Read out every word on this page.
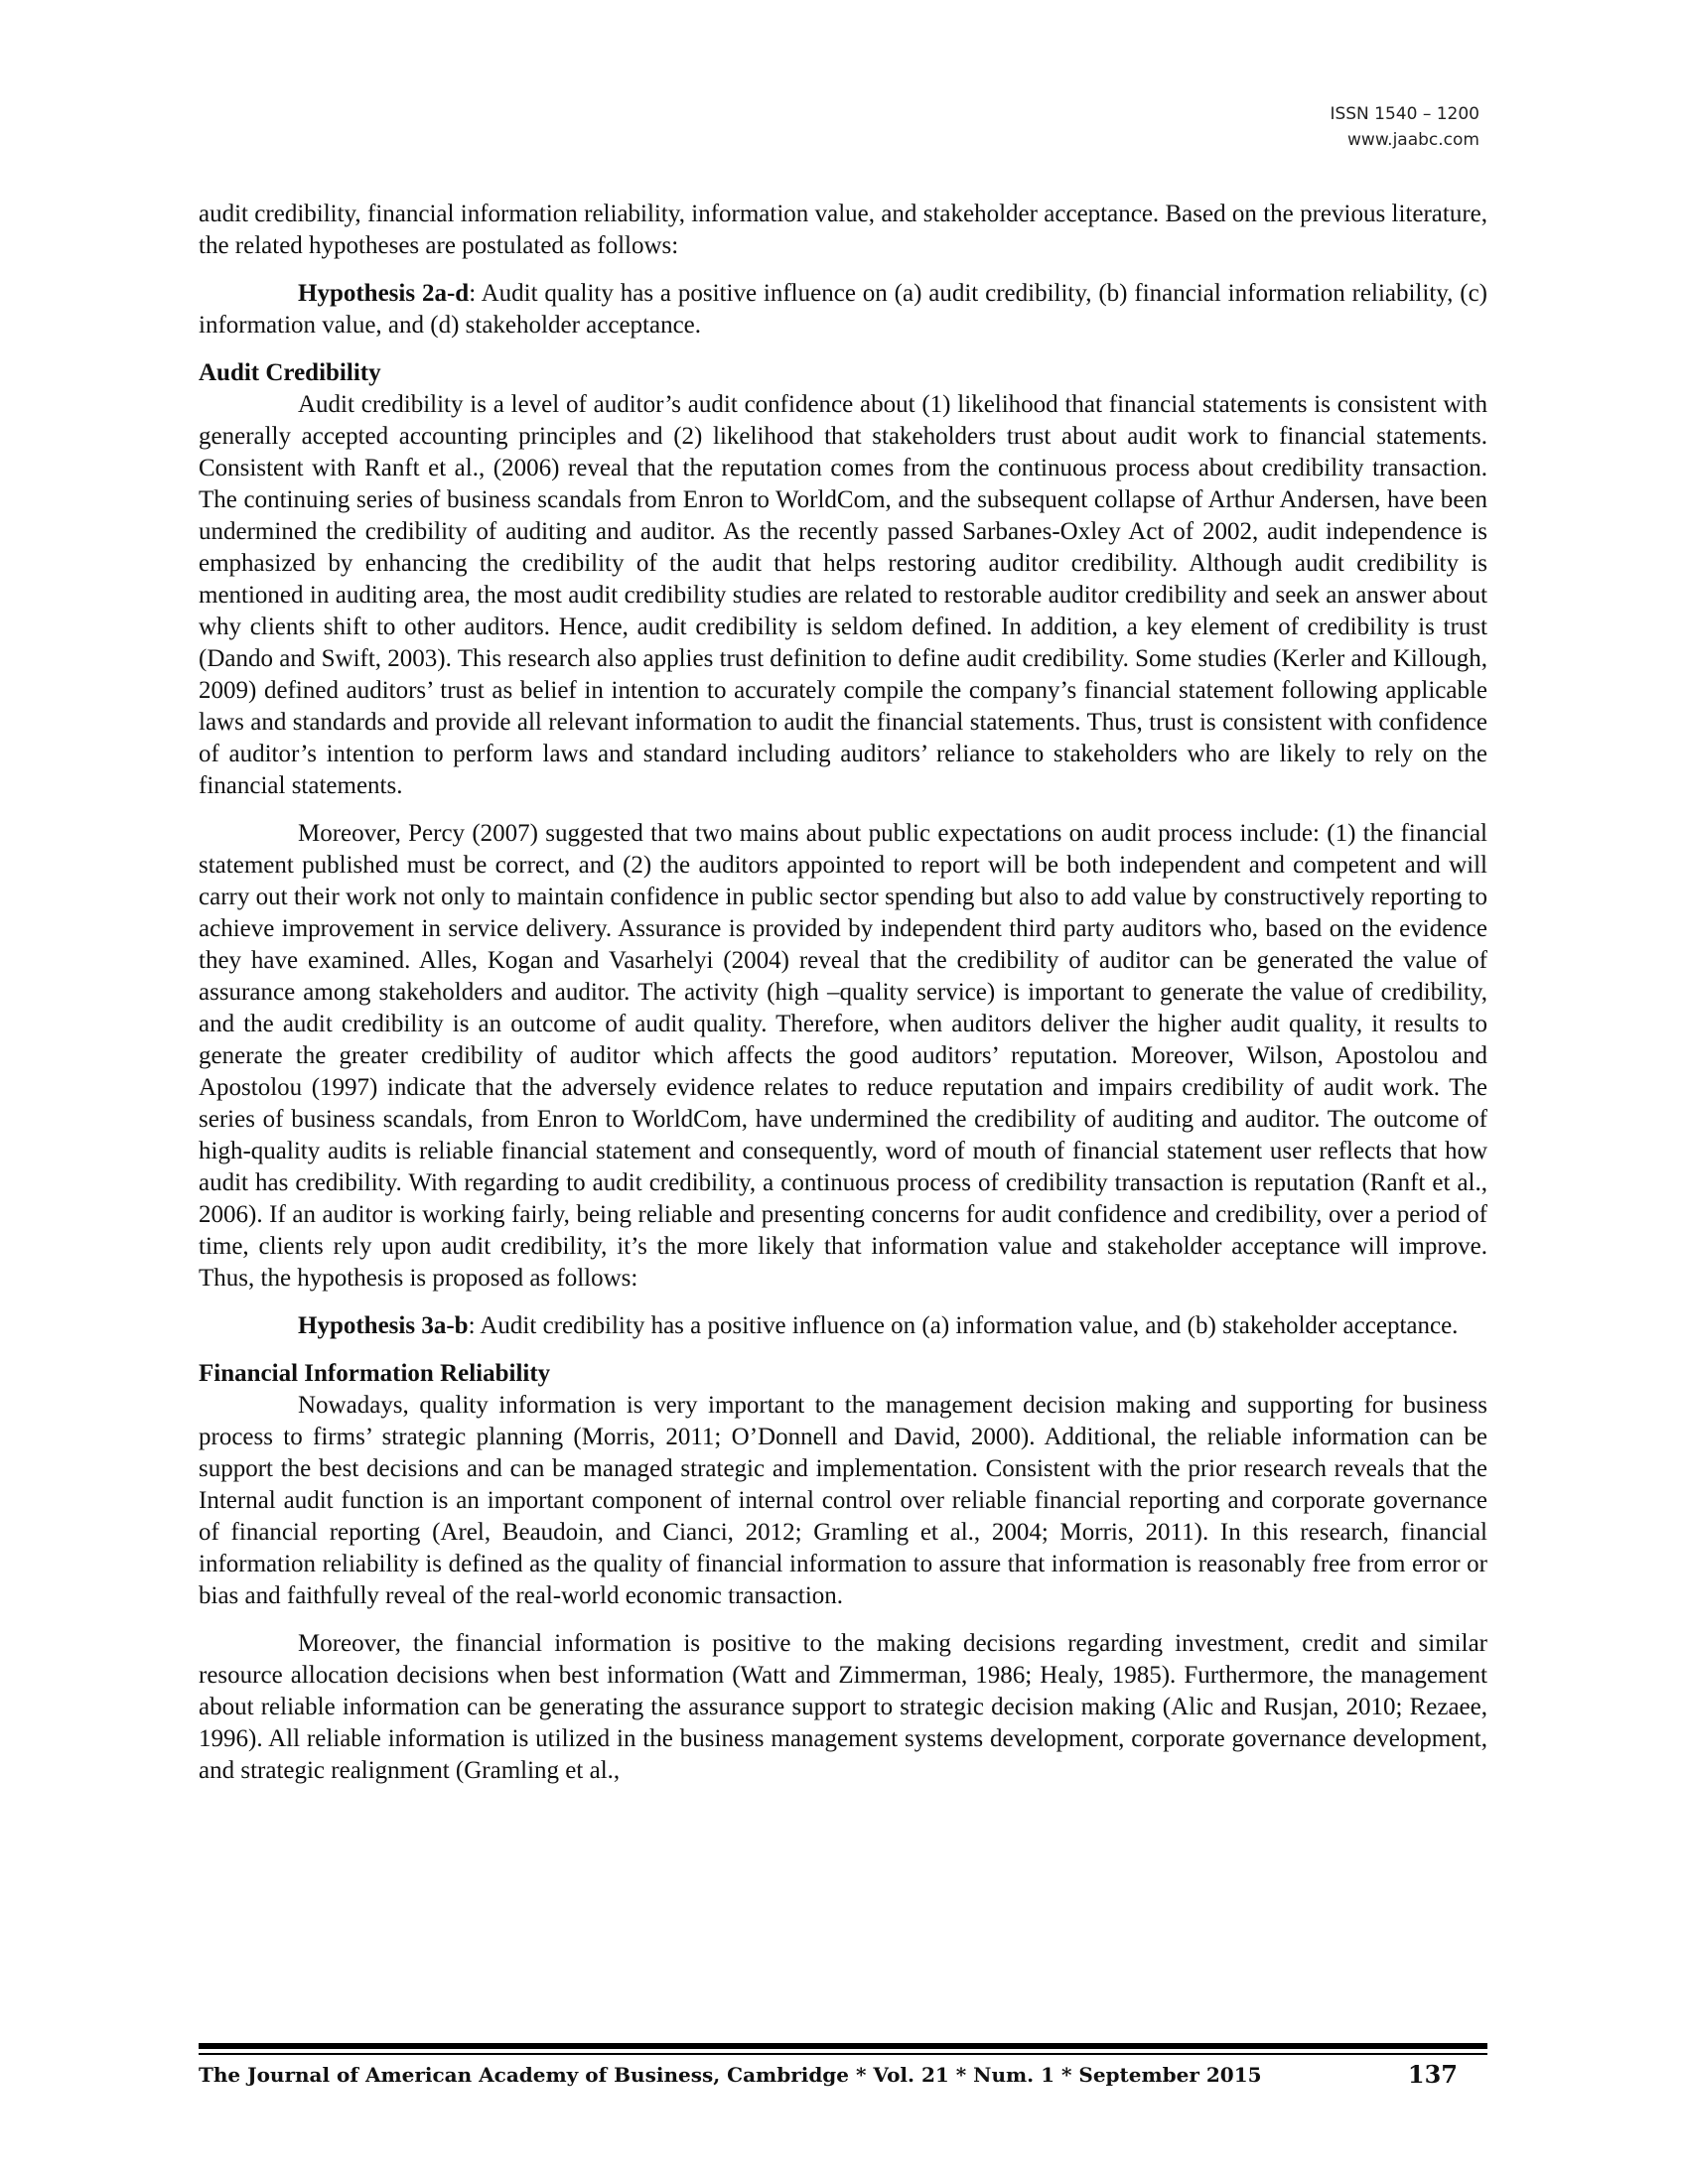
ISSN 1540 – 1200
www.jaabc.com

audit credibility, financial information reliability, information value, and stakeholder acceptance. Based on the previous literature, the related hypotheses are postulated as follows:

Hypothesis 2a-d: Audit quality has a positive influence on (a) audit credibility, (b) financial information reliability, (c) information value, and (d) stakeholder acceptance.

Audit Credibility

Audit credibility is a level of auditor’s audit confidence about (1) likelihood that financial statements is consistent with generally accepted accounting principles and (2) likelihood that stakeholders trust about audit work to financial statements. Consistent with Ranft et al., (2006) reveal that the reputation comes from the continuous process about credibility transaction. The continuing series of business scandals from Enron to WorldCom, and the subsequent collapse of Arthur Andersen, have been undermined the credibility of auditing and auditor. As the recently passed Sarbanes-Oxley Act of 2002, audit independence is emphasized by enhancing the credibility of the audit that helps restoring auditor credibility. Although audit credibility is mentioned in auditing area, the most audit credibility studies are related to restorable auditor credibility and seek an answer about why clients shift to other auditors. Hence, audit credibility is seldom defined. In addition, a key element of credibility is trust (Dando and Swift, 2003). This research also applies trust definition to define audit credibility. Some studies (Kerler and Killough, 2009) defined auditors’ trust as belief in intention to accurately compile the company’s financial statement following applicable laws and standards and provide all relevant information to audit the financial statements. Thus, trust is consistent with confidence of auditor’s intention to perform laws and standard including auditors’ reliance to stakeholders who are likely to rely on the financial statements.

Moreover, Percy (2007) suggested that two mains about public expectations on audit process include: (1) the financial statement published must be correct, and (2) the auditors appointed to report will be both independent and competent and will carry out their work not only to maintain confidence in public sector spending but also to add value by constructively reporting to achieve improvement in service delivery. Assurance is provided by independent third party auditors who, based on the evidence they have examined. Alles, Kogan and Vasarhelyi (2004) reveal that the credibility of auditor can be generated the value of assurance among stakeholders and auditor. The activity (high –quality service) is important to generate the value of credibility, and the audit credibility is an outcome of audit quality. Therefore, when auditors deliver the higher audit quality, it results to generate the greater credibility of auditor which affects the good auditors’ reputation. Moreover, Wilson, Apostolou and Apostolou (1997) indicate that the adversely evidence relates to reduce reputation and impairs credibility of audit work. The series of business scandals, from Enron to WorldCom, have undermined the credibility of auditing and auditor. The outcome of high-quality audits is reliable financial statement and consequently, word of mouth of financial statement user reflects that how audit has credibility. With regarding to audit credibility, a continuous process of credibility transaction is reputation (Ranft et al., 2006). If an auditor is working fairly, being reliable and presenting concerns for audit confidence and credibility, over a period of time, clients rely upon audit credibility, it’s the more likely that information value and stakeholder acceptance will improve. Thus, the hypothesis is proposed as follows:

Hypothesis 3a-b: Audit credibility has a positive influence on (a) information value, and (b) stakeholder acceptance.

Financial Information Reliability

Nowadays, quality information is very important to the management decision making and supporting for business process to firms’ strategic planning (Morris, 2011; O’Donnell and David, 2000). Additional, the reliable information can be support the best decisions and can be managed strategic and implementation. Consistent with the prior research reveals that the Internal audit function is an important component of internal control over reliable financial reporting and corporate governance of financial reporting (Arel, Beaudoin, and Cianci, 2012; Gramling et al., 2004; Morris, 2011). In this research, financial information reliability is defined as the quality of financial information to assure that information is reasonably free from error or bias and faithfully reveal of the real-world economic transaction.

Moreover, the financial information is positive to the making decisions regarding investment, credit and similar resource allocation decisions when best information (Watt and Zimmerman, 1986; Healy, 1985). Furthermore, the management about reliable information can be generating the assurance support to strategic decision making (Alic and Rusjan, 2010; Rezaee, 1996). All reliable information is utilized in the business management systems development, corporate governance development, and strategic realignment (Gramling et al.,

The Journal of American Academy of Business, Cambridge * Vol. 21 * Num. 1 * September 2015	137
